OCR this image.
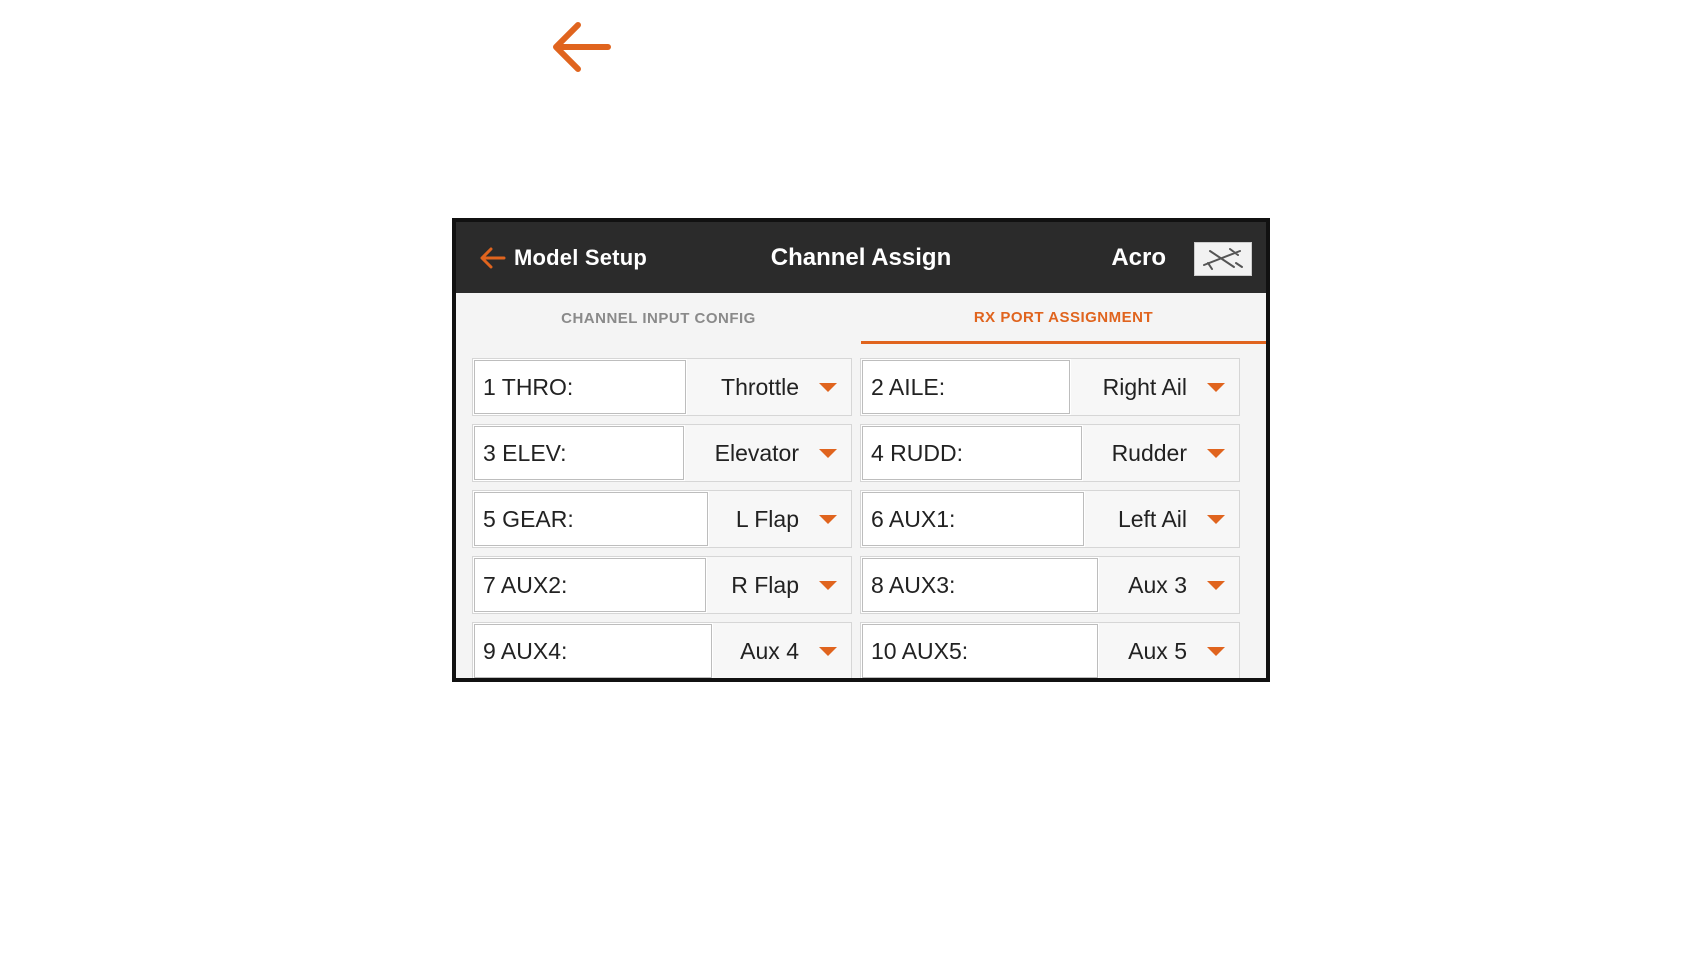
Model Setup	Channel Assign	Acro
CHANNEL INPUT CONFIG	RX PORT ASSIGNMENT
1 THRO:	Throttle	2 AILE:	Right Ail
3 ELEV:	Elevator	4 RUDD:	Rudder
5 GEAR:	L Flap	6 AUX1:	Left Ail
7 AUX2:	R Flap	8 AUX3:	Aux 3
9 AUX4:	Aux 4	10 AUX5:	Aux 5
